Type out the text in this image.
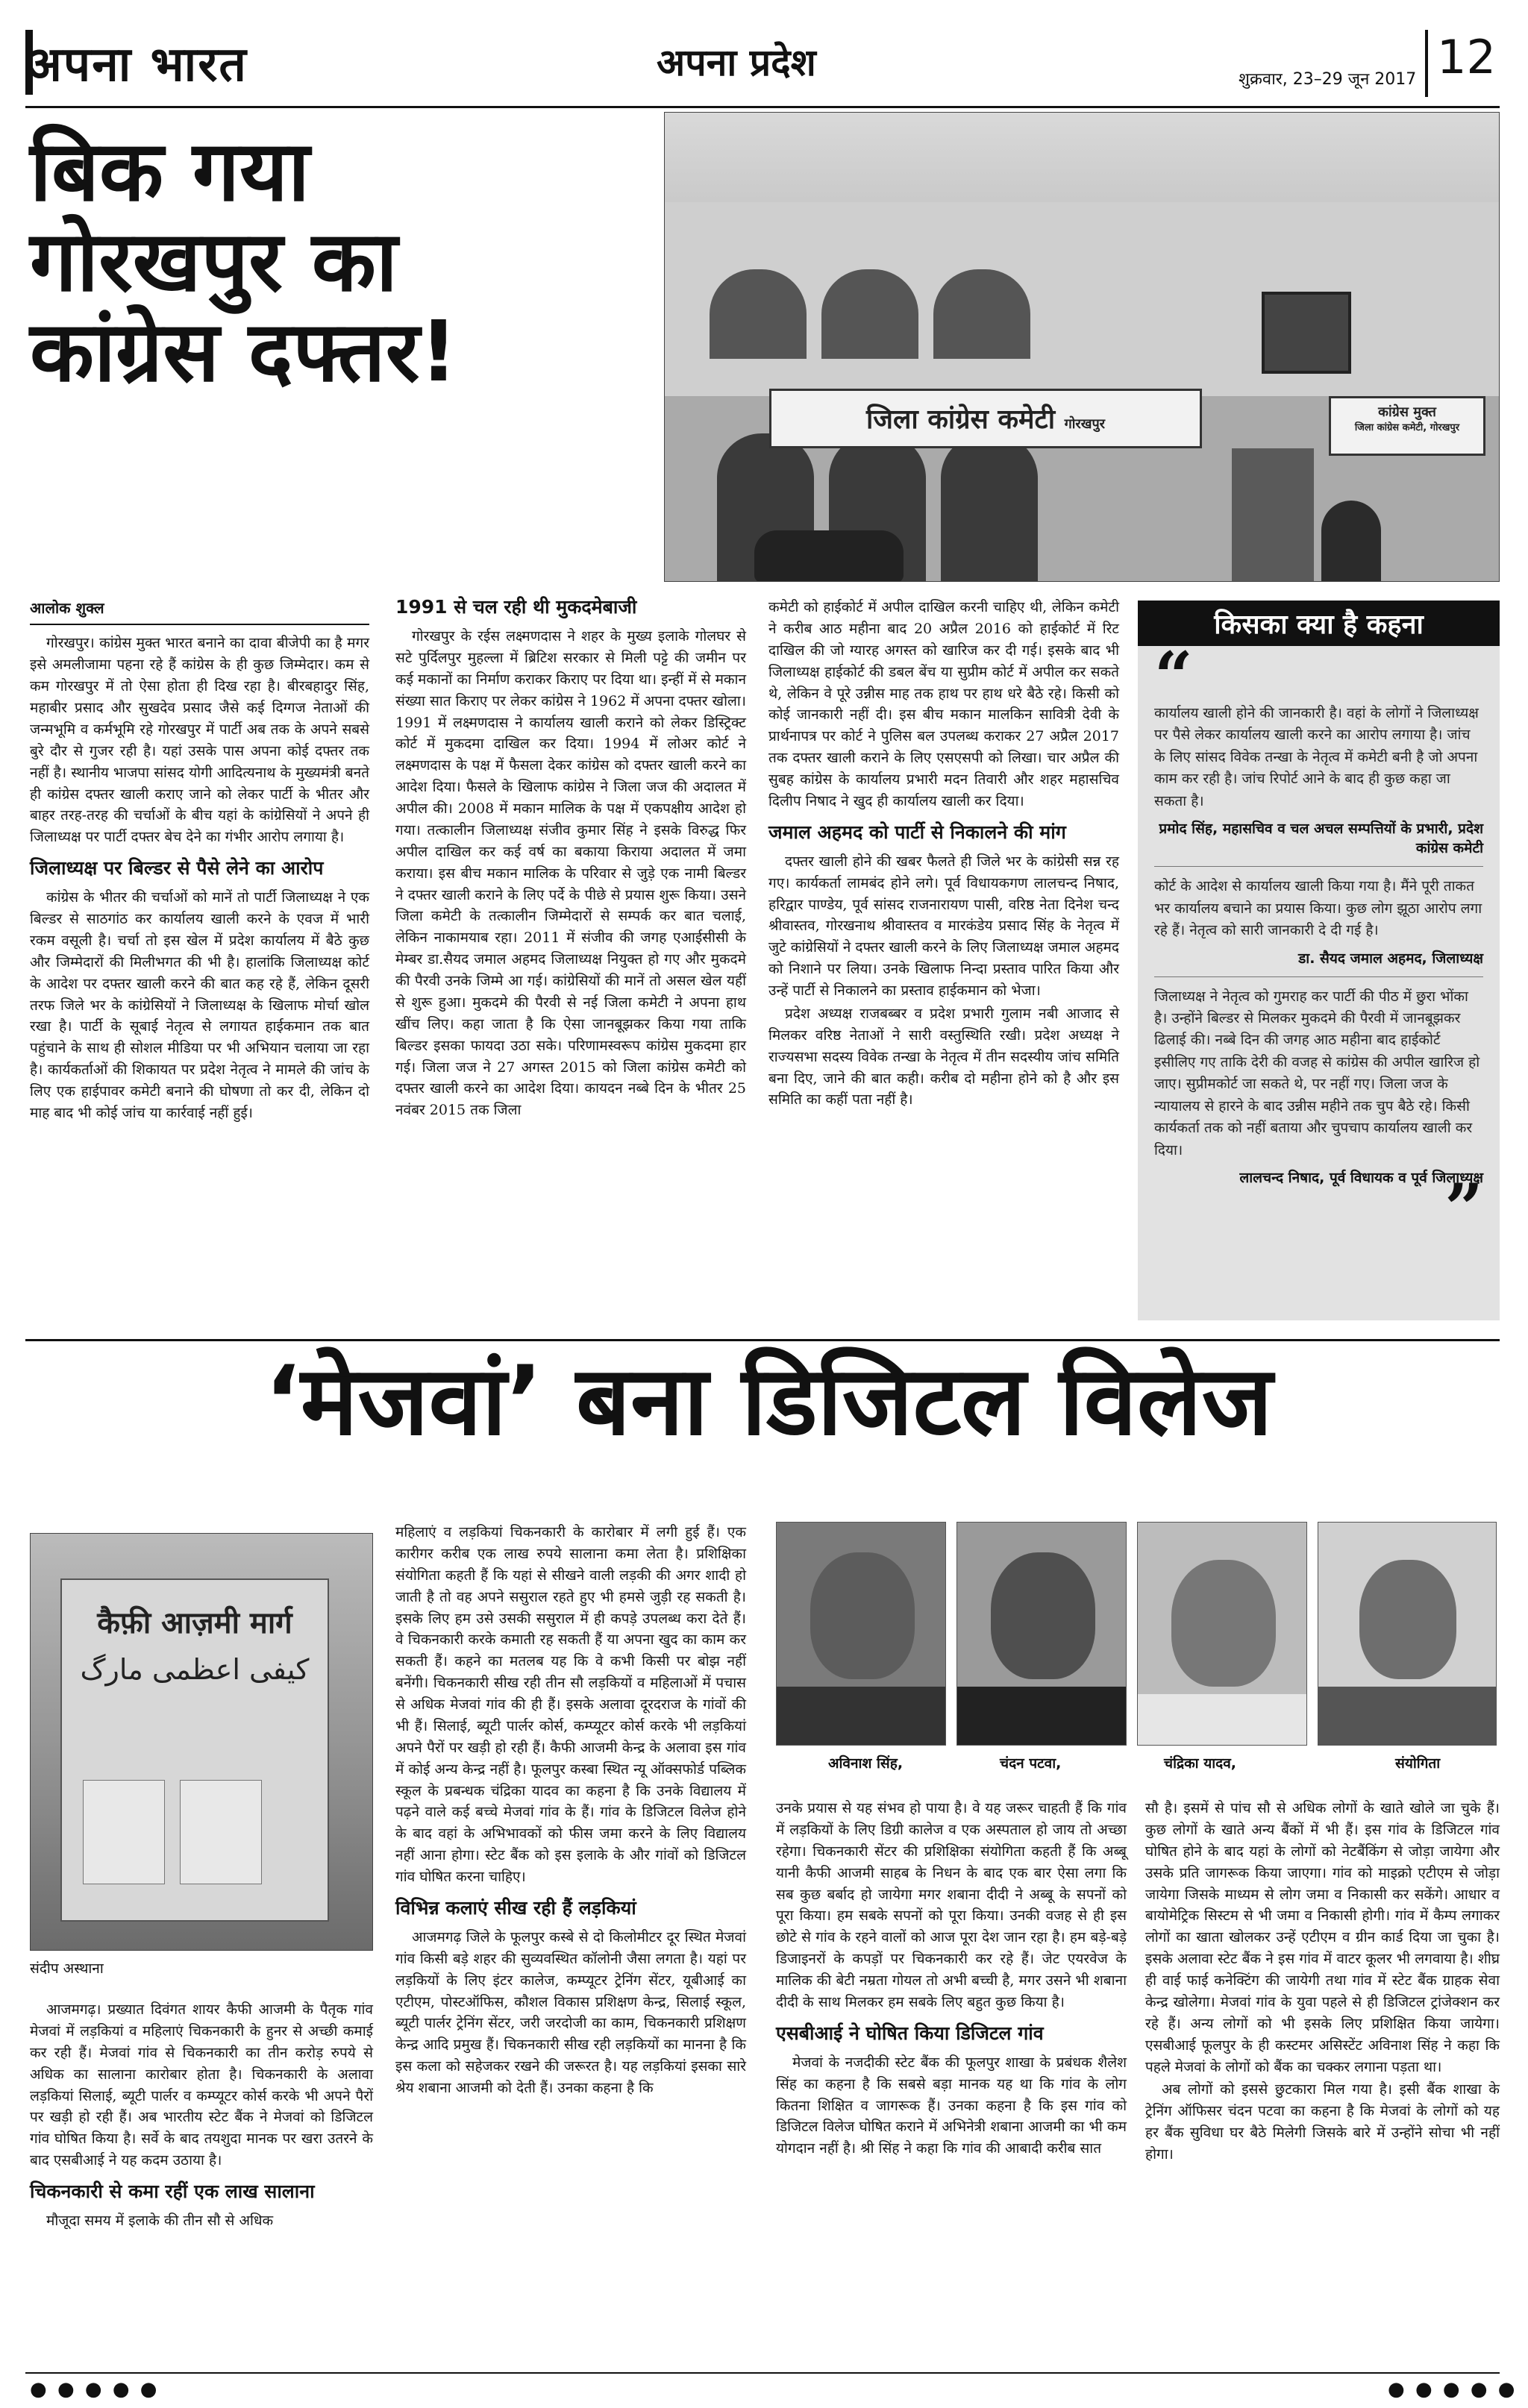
अपना भारत	अपना प्रदेश	शुक्रवार, 23–29 जून 2017 12
बिक गया
गोरखपुर का
कांग्रेस दफ्तर!
जिला कांग्रेस कमेटी गोरखपुर
कांग्रेस मुक्त
जिला कांग्रेस कमेटी, गोरखपुर
आलोक शुक्ल

गोरखपुर। कांग्रेस मुक्त भारत बनाने का दावा बीजेपी का है मगर इसे अमलीजामा पहना रहे हैं कांग्रेस के ही कुछ जिम्मेदार। कम से कम गोरखपुर में तो ऐसा होता ही दिख रहा है। बीरबहादुर सिंह, महाबीर प्रसाद और सुखदेव प्रसाद जैसे कई दिग्गज नेताओं की जन्मभूमि व कर्मभूमि रहे गोरखपुर में पार्टी अब तक के अपने सबसे बुरे दौर से गुजर रही है। यहां उसके पास अपना कोई दफ्तर तक नहीं है। स्थानीय भाजपा सांसद योगी आदित्यनाथ के मुख्यमंत्री बनते ही कांग्रेस दफ्तर खाली कराए जाने को लेकर पार्टी के भीतर और बाहर तरह-तरह की चर्चाओं के बीच यहां के कांग्रेसियों ने अपने ही जिलाध्यक्ष पर पार्टी दफ्तर बेच देने का गंभीर आरोप लगाया है।

जिलाध्यक्ष पर बिल्डर से पैसे लेने का आरोप

कांग्रेस के भीतर की चर्चाओं को मानें तो पार्टी जिलाध्यक्ष ने एक बिल्डर से साठगांठ कर कार्यालय खाली करने के एवज में भारी रकम वसूली है। चर्चा तो इस खेल में प्रदेश कार्यालय में बैठे कुछ और जिम्मेदारों की मिलीभगत की भी है। हालांकि जिलाध्यक्ष कोर्ट के आदेश पर दफ्तर खाली करने की बात कह रहे हैं, लेकिन दूसरी तरफ जिले भर के कांग्रेसियों ने जिलाध्यक्ष के खिलाफ मोर्चा खोल रखा है। पार्टी के सूबाई नेतृत्व से लगायत हाईकमान तक बात पहुंचाने के साथ ही सोशल मीडिया पर भी अभियान चलाया जा रहा है। कार्यकर्ताओं की शिकायत पर प्रदेश नेतृत्व ने मामले की जांच के लिए एक हाईपावर कमेटी बनाने की घोषणा तो कर दी, लेकिन दो माह बाद भी कोई जांच या कार्रवाई नहीं हुई।

1991 से चल रही थी मुकदमेबाजी

गोरखपुर के रईस लक्ष्मणदास ने शहर के मुख्य इलाके गोलघर से सटे पुर्दिलपुर मुहल्ला में ब्रिटिश सरकार से मिली पट्टे की जमीन पर कई मकानों का निर्माण कराकर किराए पर दिया था। इन्हीं में से मकान संख्या सात किराए पर लेकर कांग्रेस ने 1962 में अपना दफ्तर खोला। 1991 में लक्ष्मणदास ने कार्यालय खाली कराने को लेकर डिस्ट्रिक्ट कोर्ट में मुकदमा दाखिल कर दिया। 1994 में लोअर कोर्ट ने लक्ष्मणदास के पक्ष में फैसला देकर कांग्रेस को दफ्तर खाली करने का आदेश दिया। फैसले के खिलाफ कांग्रेस ने जिला जज की अदालत में अपील की। 2008 में मकान मालिक के पक्ष में एकपक्षीय आदेश हो गया। तत्कालीन जिलाध्यक्ष संजीव कुमार सिंह ने इसके विरुद्ध फिर अपील दाखिल कर कई वर्ष का बकाया किराया अदालत में जमा कराया। इस बीच मकान मालिक के परिवार से जुड़े एक नामी बिल्डर ने दफ्तर खाली कराने के लिए पर्दे के पीछे से प्रयास शुरू किया। उसने जिला कमेटी के तत्कालीन जिम्मेदारों से सम्पर्क कर बात चलाई, लेकिन नाकामयाब रहा। 2011 में संजीव की जगह एआईसीसी के मेम्बर डा.सैयद जमाल अहमद जिलाध्यक्ष नियुक्त हो गए और मुकदमे की पैरवी उनके जिम्मे आ गई। कांग्रेसियों की मानें तो असल खेल यहीं से शुरू हुआ। मुकदमे की पैरवी से नई जिला कमेटी ने अपना हाथ खींच लिए। कहा जाता है कि ऐसा जानबूझकर किया गया ताकि बिल्डर इसका फायदा उठा सके। परिणामस्वरूप कांग्रेस मुकदमा हार गई। जिला जज ने 27 अगस्त 2015 को जिला कांग्रेस कमेटी को दफ्तर खाली करने का आदेश दिया। कायदन नब्बे दिन के भीतर 25 नवंबर 2015 तक जिला

कमेटी को हाईकोर्ट में अपील दाखिल करनी चाहिए थी, लेकिन कमेटी ने करीब आठ महीना बाद 20 अप्रैल 2016 को हाईकोर्ट में रिट दाखिल की जो ग्यारह अगस्त को खारिज कर दी गई। इसके बाद भी जिलाध्यक्ष हाईकोर्ट की डबल बेंच या सुप्रीम कोर्ट में अपील कर सकते थे, लेकिन वे पूरे उन्नीस माह तक हाथ पर हाथ धरे बैठे रहे। किसी को कोई जानकारी नहीं दी। इस बीच मकान मालकिन सावित्री देवी के प्रार्थनापत्र पर कोर्ट ने पुलिस बल उपलब्ध कराकर 27 अप्रैल 2017 तक दफ्तर खाली कराने के लिए एसएसपी को लिखा। चार अप्रैल की सुबह कांग्रेस के कार्यालय प्रभारी मदन तिवारी और शहर महासचिव दिलीप निषाद ने खुद ही कार्यालय खाली कर दिया।

जमाल अहमद को पार्टी से निकालने की मांग

दफ्तर खाली होने की खबर फैलते ही जिले भर के कांग्रेसी सन्न रह गए। कार्यकर्ता लामबंद होने लगे। पूर्व विधायकगण लालचन्द निषाद, हरिद्वार पाण्डेय, पूर्व सांसद राजनारायण पासी, वरिष्ठ नेता दिनेश चन्द श्रीवास्तव, गोरखनाथ श्रीवास्तव व मारकंडेय प्रसाद सिंह के नेतृत्व में जुटे कांग्रेसियों ने दफ्तर खाली करने के लिए जिलाध्यक्ष जमाल अहमद को निशाने पर लिया। उनके खिलाफ निन्दा प्रस्ताव पारित किया और उन्हें पार्टी से निकालने का प्रस्ताव हाईकमान को भेजा।

प्रदेश अध्यक्ष राजबब्बर व प्रदेश प्रभारी गुलाम नबी आजाद से मिलकर वरिष्ठ नेताओं ने सारी वस्तुस्थिति रखी। प्रदेश अध्यक्ष ने राज्यसभा सदस्य विवेक तन्खा के नेतृत्व में तीन सदस्यीय जांच समिति बना दिए, जाने की बात कही। करीब दो महीना होने को है और इस समिति का कहीं पता नहीं है।

किसका क्या है कहना
“
कार्यालय खाली होने की जानकारी है। वहां के लोगों ने जिलाध्यक्ष पर पैसे लेकर कार्यालय खाली करने का आरोप लगाया है। जांच के लिए सांसद विवेक तन्खा के नेतृत्व में कमेटी बनी है जो अपना काम कर रही है। जांच रिपोर्ट आने के बाद ही कुछ कहा जा सकता है।
प्रमोद सिंह, महासचिव व चल अचल सम्पत्तियों के प्रभारी, प्रदेश कांग्रेस कमेटी
कोर्ट के आदेश से कार्यालय खाली किया गया है। मैंने पूरी ताकत भर कार्यालय बचाने का प्रयास किया। कुछ लोग झूठा आरोप लगा रहे हैं। नेतृत्व को सारी जानकारी दे दी गई है।
डा. सैयद जमाल अहमद, जिलाध्यक्ष
जिलाध्यक्ष ने नेतृत्व को गुमराह कर पार्टी की पीठ में छुरा भोंका है। उन्होंने बिल्डर से मिलकर मुकदमे की पैरवी में जानबूझकर ढिलाई की। नब्बे दिन की जगह आठ महीना बाद हाईकोर्ट इसीलिए गए ताकि देरी की वजह से कांग्रेस की अपील खारिज हो जाए। सुप्रीमकोर्ट जा सकते थे, पर नहीं गए। जिला जज के न्यायालय से हारने के बाद उन्नीस महीने तक चुप बैठे रहे। किसी कार्यकर्ता तक को नहीं बताया और चुपचाप कार्यालय खाली कर दिया।
लालचन्द निषाद, पूर्व विधायक व पूर्व जिलाध्यक्ष
”
‘मेजवां’ बना डिजिटल विलेज
कैफ़ी आज़मी मार्ग
کیفی اعظمی مارگ
संदीप अस्थाना

आजमगढ़। प्रख्यात दिवंगत शायर कैफी आजमी के पैतृक गांव मेजवां में लड़कियां व महिलाएं चिकनकारी के हुनर से अच्छी कमाई कर रही हैं। मेजवां गांव से चिकनकारी का तीन करोड़ रुपये से अधिक का सालाना कारोबार होता है। चिकनकारी के अलावा लड़कियां सिलाई, ब्यूटी पार्लर व कम्प्यूटर कोर्स करके भी अपने पैरों पर खड़ी हो रही हैं। अब भारतीय स्टेट बैंक ने मेजवां को डिजिटल गांव घोषित किया है। सर्वे के बाद तयशुदा मानक पर खरा उतरने के बाद एसबीआई ने यह कदम उठाया है।

चिकनकारी से कमा रहीं एक लाख सालाना

मौजूदा समय में इलाके की तीन सौ से अधिक

महिलाएं व लड़कियां चिकनकारी के कारोबार में लगी हुई हैं। एक कारीगर करीब एक लाख रुपये सालाना कमा लेता है। प्रशिक्षिका संयोगिता कहती हैं कि यहां से सीखने वाली लड़की की अगर शादी हो जाती है तो वह अपने ससुराल रहते हुए भी हमसे जुड़ी रह सकती है। इसके लिए हम उसे उसकी ससुराल में ही कपड़े उपलब्ध करा देते हैं। वे चिकनकारी करके कमाती रह सकती हैं या अपना खुद का काम कर सकती हैं। कहने का मतलब यह कि वे कभी किसी पर बोझ नहीं बनेंगी। चिकनकारी सीख रही तीन सौ लड़कियों व महिलाओं में पचास से अधिक मेजवां गांव की ही हैं। इसके अलावा दूरदराज के गांवों की भी हैं। सिलाई, ब्यूटी पार्लर कोर्स, कम्प्यूटर कोर्स करके भी लड़कियां अपने पैरों पर खड़ी हो रही हैं। कैफी आजमी केन्द्र के अलावा इस गांव में कोई अन्य केन्द्र नहीं है। फूलपुर कस्बा स्थित न्यू ऑक्सफोर्ड पब्लिक स्कूल के प्रबन्धक चंद्रिका यादव का कहना है कि उनके विद्यालय में पढ़ने वाले कई बच्चे मेजवां गांव के हैं। गांव के डिजिटल विलेज होने के बाद वहां के अभिभावकों को फीस जमा करने के लिए विद्यालय नहीं आना होगा। स्टेट बैंक को इस इलाके के और गांवों को डिजिटल गांव घोषित करना चाहिए।

विभिन्न कलाएं सीख रही हैं लड़कियां

आजमगढ़ जिले के फूलपुर कस्बे से दो किलोमीटर दूर स्थित मेजवां गांव किसी बड़े शहर की सुव्यवस्थित कॉलोनी जैसा लगता है। यहां पर लड़कियों के लिए इंटर कालेज, कम्प्यूटर ट्रेनिंग सेंटर, यूबीआई का एटीएम, पोस्टऑफिस, कौशल विकास प्रशिक्षण केन्द्र, सिलाई स्कूल, ब्यूटी पार्लर ट्रेनिंग सेंटर, जरी जरदोजी का काम, चिकनकारी प्रशिक्षण केन्द्र आदि प्रमुख हैं। चिकनकारी सीख रही लड़कियों का मानना है कि इस कला को सहेजकर रखने की जरूरत है। यह लड़कियां इसका सारे श्रेय शबाना आजमी को देती हैं। उनका कहना है कि

अविनाश सिंह,	चंदन पटवा,	चंद्रिका यादव,	संयोगिता

उनके प्रयास से यह संभव हो पाया है। वे यह जरूर चाहती हैं कि गांव में लड़कियों के लिए डिग्री कालेज व एक अस्पताल हो जाय तो अच्छा रहेगा। चिकनकारी सेंटर की प्रशिक्षिका संयोगिता कहती हैं कि अब्बू यानी कैफी आजमी साहब के निधन के बाद एक बार ऐसा लगा कि सब कुछ बर्बाद हो जायेगा मगर शबाना दीदी ने अब्बू के सपनों को पूरा किया। हम सबके सपनों को पूरा किया। उनकी वजह से ही इस छोटे से गांव के रहने वालों को आज पूरा देश जान रहा है। हम बड़े-बड़े डिजाइनरों के कपड़ों पर चिकनकारी कर रहे हैं। जेट एयरवेज के मालिक की बेटी नम्रता गोयल तो अभी बच्ची है, मगर उसने भी शबाना दीदी के साथ मिलकर हम सबके लिए बहुत कुछ किया है।

एसबीआई ने घोषित किया डिजिटल गांव

मेजवां के नजदीकी स्टेट बैंक की फूलपुर शाखा के प्रबंधक शैलेश सिंह का कहना है कि सबसे बड़ा मानक यह था कि गांव के लोग कितना शिक्षित व जागरूक हैं। उनका कहना है कि इस गांव को डिजिटल विलेज घोषित कराने में अभिनेत्री शबाना आजमी का भी कम योगदान नहीं है। श्री सिंह ने कहा कि गांव की आबादी करीब सात

सौ है। इसमें से पांच सौ से अधिक लोगों के खाते खोले जा चुके हैं। कुछ लोगों के खाते अन्य बैंकों में भी हैं। इस गांव के डिजिटल गांव घोषित होने के बाद यहां के लोगों को नेटबैंकिंग से जोड़ा जायेगा और उसके प्रति जागरूक किया जाएगा। गांव को माइक्रो एटीएम से जोड़ा जायेगा जिसके माध्यम से लोग जमा व निकासी कर सकेंगे। आधार व बायोमेट्रिक सिस्टम से भी जमा व निकासी होगी। गांव में कैम्प लगाकर लोगों का खाता खोलकर उन्हें एटीएम व ग्रीन कार्ड दिया जा चुका है। इसके अलावा स्टेट बैंक ने इस गांव में वाटर कूलर भी लगवाया है। शीघ्र ही वाई फाई कनेक्टिंग की जायेगी तथा गांव में स्टेट बैंक ग्राहक सेवा केन्द्र खोलेगा। मेजवां गांव के युवा पहले से ही डिजिटल ट्रांजेक्शन कर रहे हैं। अन्य लोगों को भी इसके लिए प्रशिक्षित किया जायेगा। एसबीआई फूलपुर के ही कस्टमर असिस्टेंट अविनाश सिंह ने कहा कि पहले मेजवां के लोगों को बैंक का चक्कर लगाना पड़ता था।

अब लोगों को इससे छुटकारा मिल गया है। इसी बैंक शाखा के ट्रेनिंग ऑफिसर चंदन पटवा का कहना है कि मेजवां के लोगों को यह हर बैंक सुविधा घर बैठे मिलेगी जिसके बारे में उन्होंने सोचा भी नहीं होगा।

● ● ● ● ●	● ● ● ● ●
